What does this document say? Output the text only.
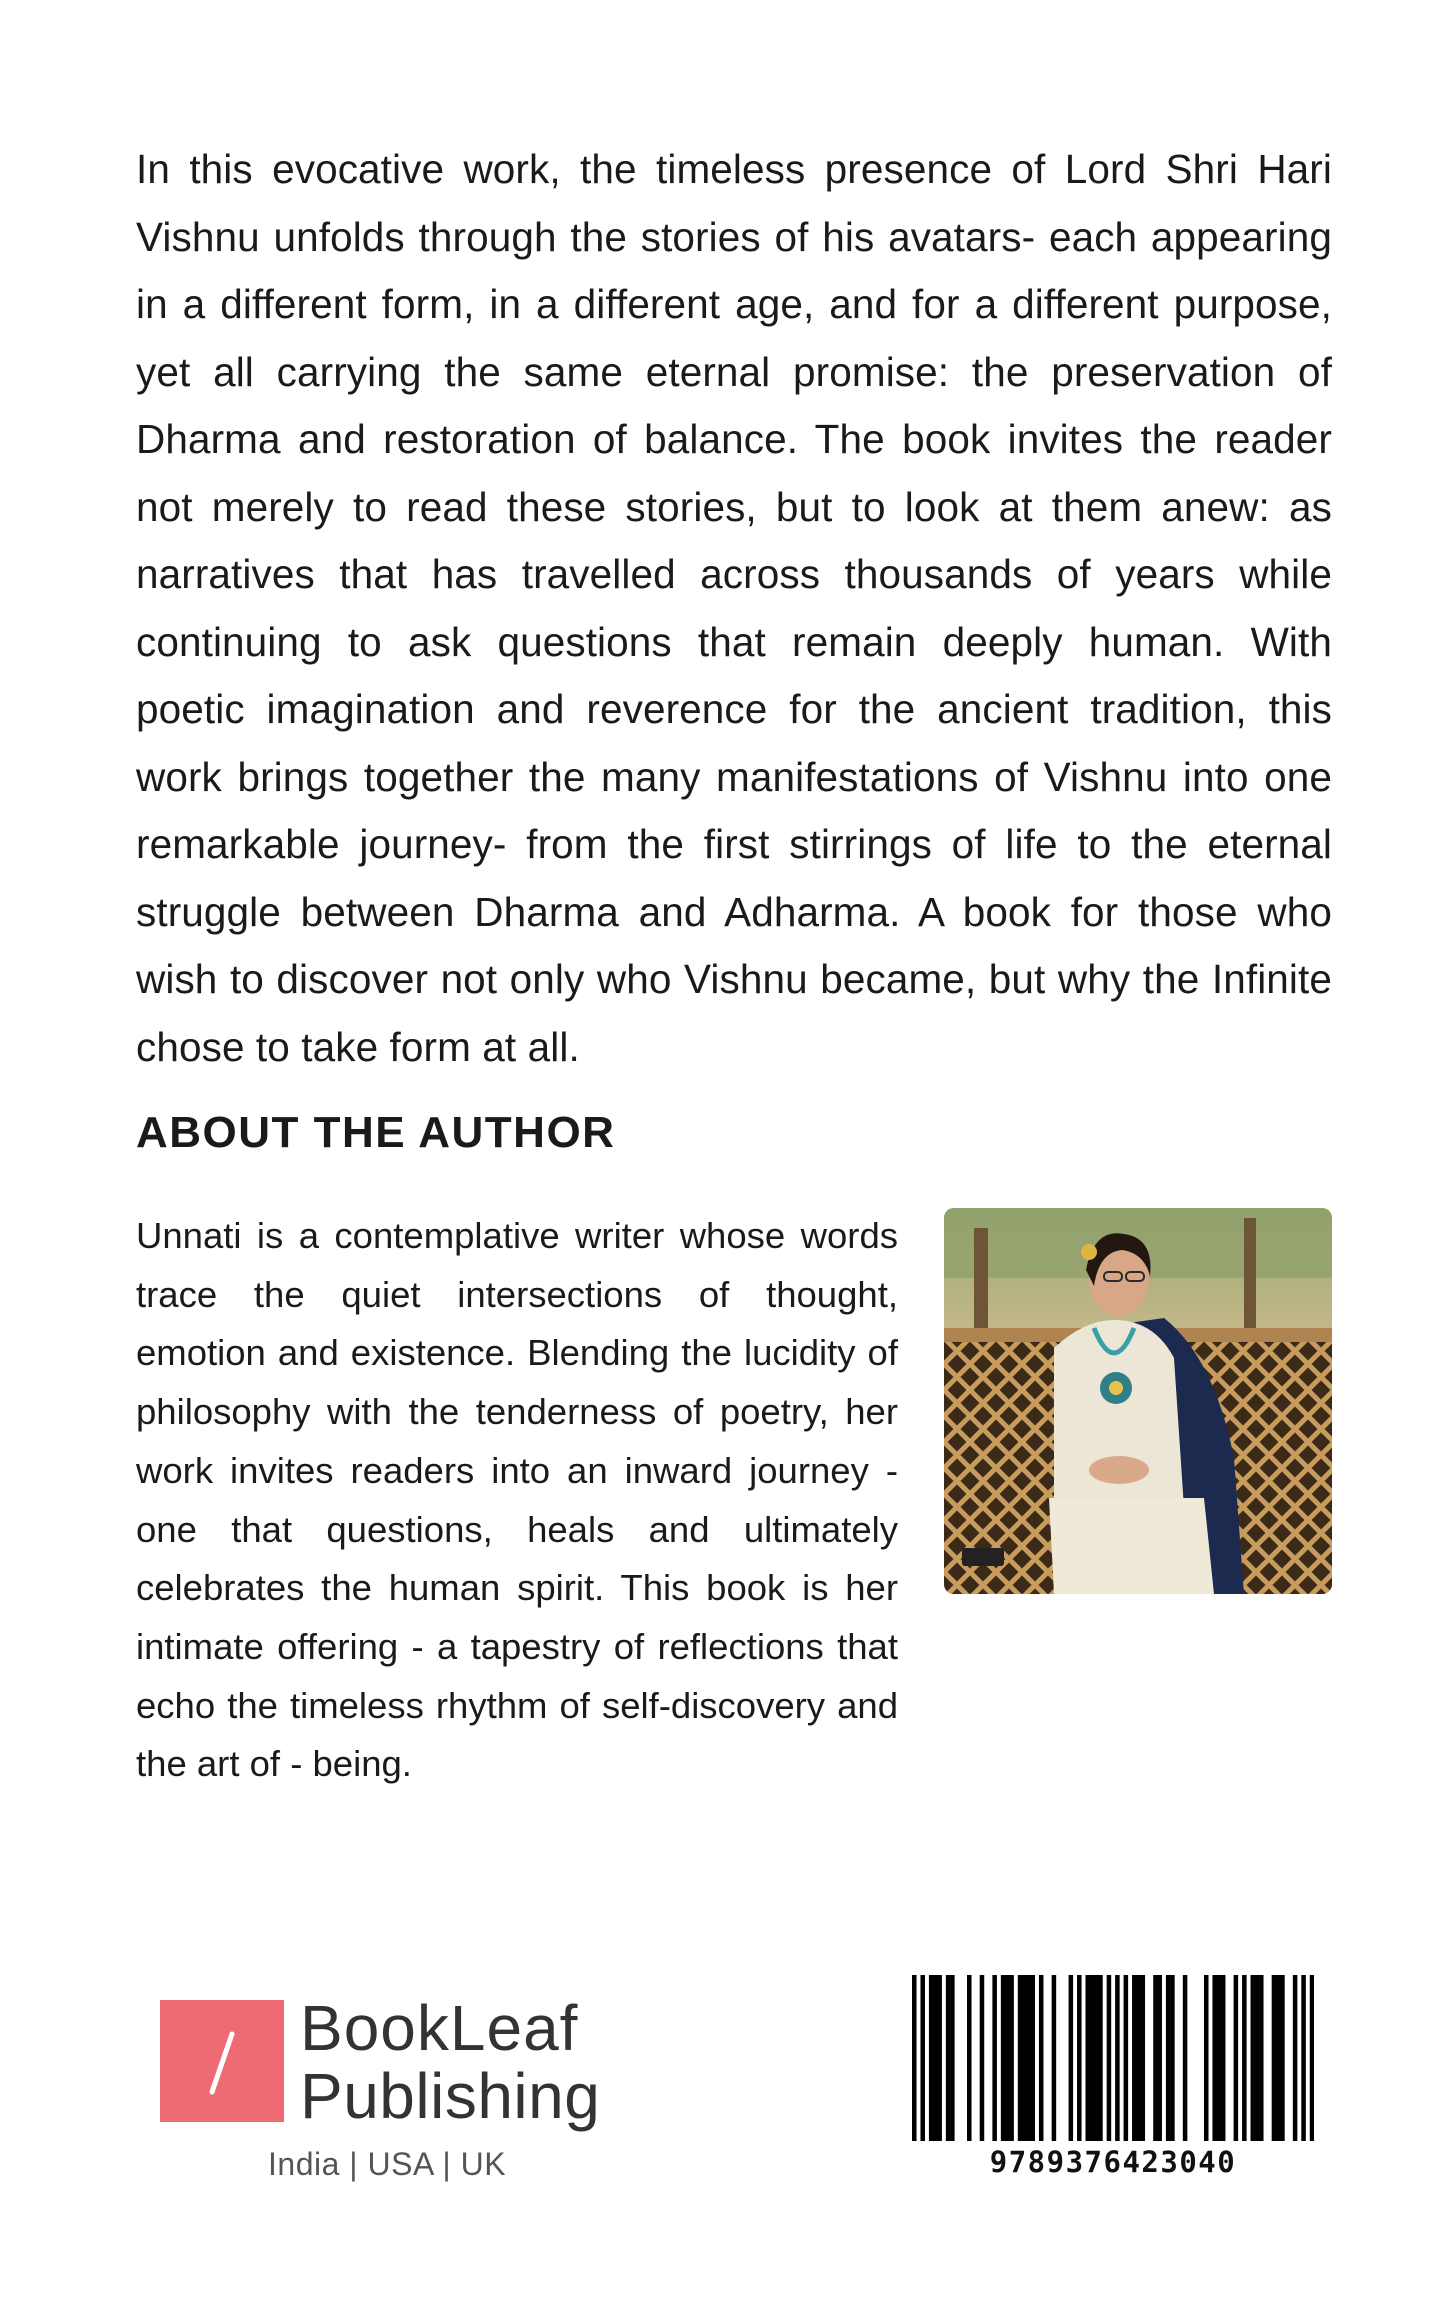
In this evocative work, the timeless presence of Lord Shri Hari Vishnu unfolds through the stories of his avatars- each appearing in a different form, in a different age, and for a different purpose, yet all carrying the same eternal promise: the preservation of Dharma and restoration of balance. The book invites the reader not merely to read these stories, but to look at them anew: as narratives that has travelled across thousands of years while continuing to ask questions that remain deeply human. With poetic imagination and reverence for the ancient tradition, this work brings together the many manifestations of Vishnu into one remarkable journey- from the first stirrings of life to the eternal struggle between Dharma and Adharma. A book for those who wish to discover not only who Vishnu became, but why the Infinite chose to take form at all.

ABOUT THE AUTHOR

Unnati is a contemplative writer whose words trace the quiet intersections of thought, emotion and existence. Blending the lucidity of philosophy with the tenderness of poetry, her work invites readers into an inward journey - one that questions, heals and ultimately celebrates the human spirit. This book is her intimate offering - a tapestry of reflections that echo the timeless rhythm of self-discovery and the art of - being.

BookLeaf
Publishing
India | USA | UK	9789376423040
